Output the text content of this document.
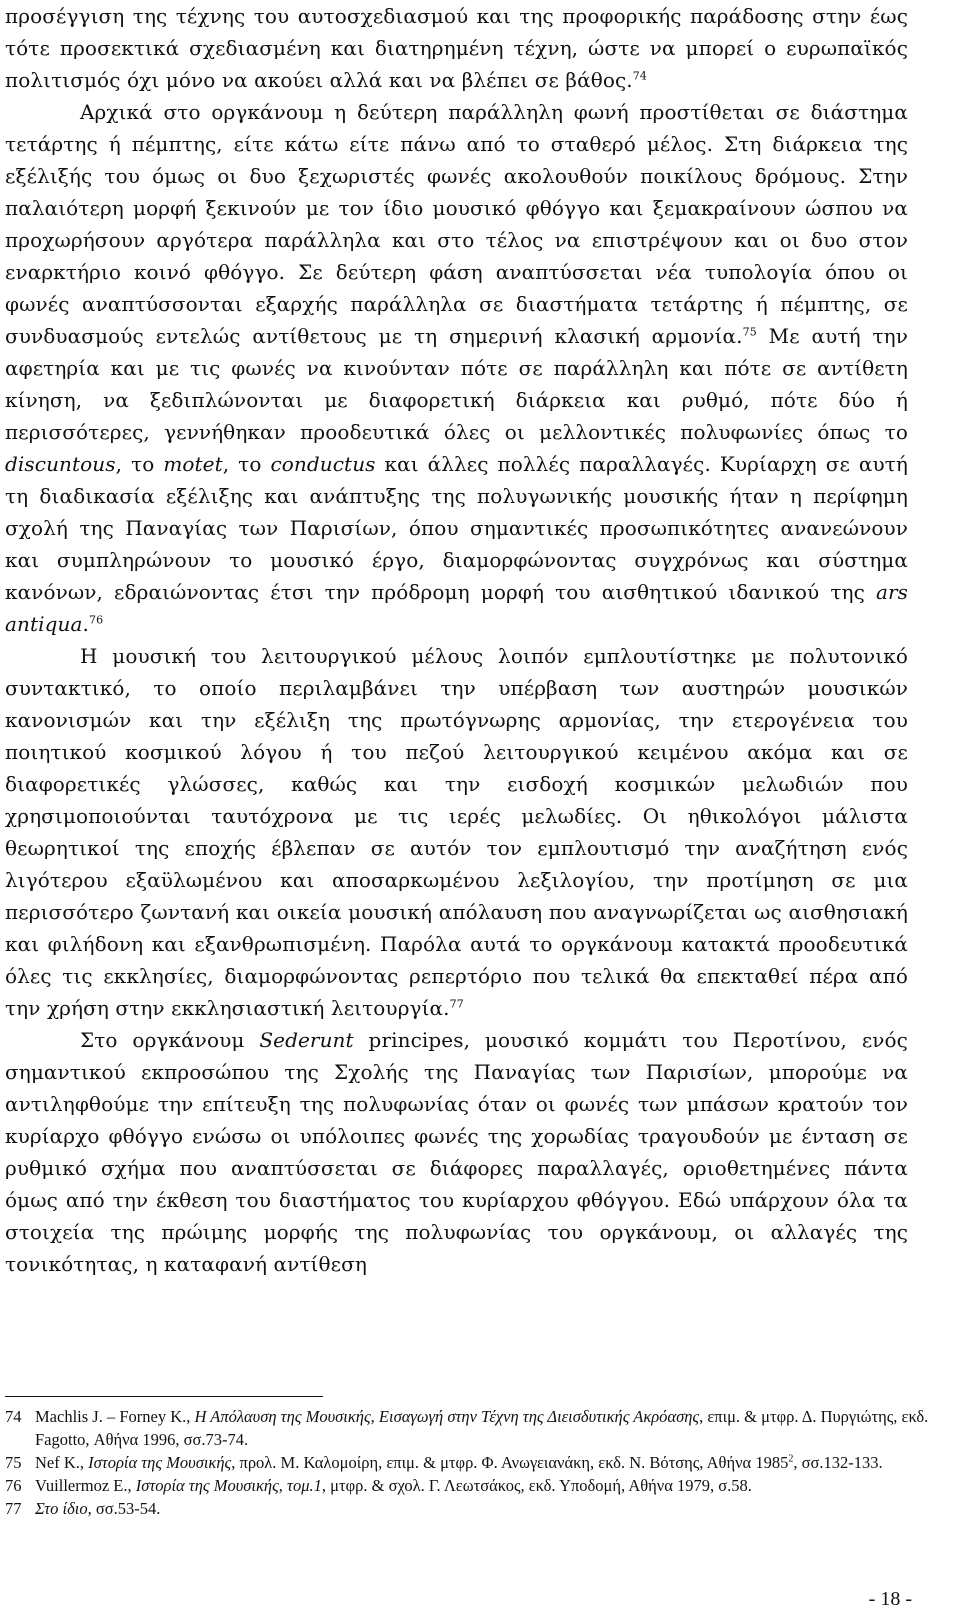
προσέγγιση της τέχνης του αυτοσχεδιασμού και της προφορικής παράδοσης στην έως τότε προσεκτικά σχεδιασμένη και διατηρημένη τέχνη, ώστε να μπορεί ο ευρωπαϊκός πολιτισμός όχι μόνο να ακούει αλλά και να βλέπει σε βάθος.$^{74}$

Αρχικά στο οργκάνουμ η δεύτερη παράλληλη φωνή προστίθεται σε διάστημα τετάρτης ή πέμπτης, είτε κάτω είτε πάνω από το σταθερό μέλος. Στη διάρκεια της εξέλιξής του όμως οι δυο ξεχωριστές φωνές ακολουθούν ποικίλους δρόμους. Στην παλαιότερη μορφή ξεκινούν με τον ίδιο μουσικό φθόγγο και ξεμακραίνουν ώσπου να προχωρήσουν αργότερα παράλληλα και στο τέλος να επιστρέψουν και οι δυο στον εναρκτήριο κοινό φθόγγο. Σε δεύτερη φάση αναπτύσσεται νέα τυπολογία όπου οι φωνές αναπτύσσονται εξαρχής παράλληλα σε διαστήματα τετάρτης ή πέμπτης, σε συνδυασμούς εντελώς αντίθετους με τη σημερινή κλασική αρμονία.$^{75}$ Με αυτή την αφετηρία και με τις φωνές να κινούνταν πότε σε παράλληλη και πότε σε αντίθετη κίνηση, να ξεδιπλώνονται με διαφορετική διάρκεια και ρυθμό, πότε δύο ή περισσότερες, γεννήθηκαν προοδευτικά όλες οι μελλοντικές πολυφωνίες όπως το discuntous, το motet, το conductus και άλλες πολλές παραλλαγές. Κυρίαρχη σε αυτή τη διαδικασία εξέλιξης και ανάπτυξης της πολυγωνικής μουσικής ήταν η περίφημη σχολή της Παναγίας των Παρισίων, όπου σημαντικές προσωπικότητες ανανεώνουν και συμπληρώνουν το μουσικό έργο, διαμορφώνοντας συγχρόνως και σύστημα κανόνων, εδραιώνοντας έτσι την πρόδρομη μορφή του αισθητικού ιδανικού της ars antiqua.$^{76}$

Η μουσική του λειτουργικού μέλους λοιπόν εμπλουτίστηκε με πολυτονικό συντακτικό, το οποίο περιλαμβάνει την υπέρβαση των αυστηρών μουσικών κανονισμών και την εξέλιξη της πρωτόγνωρης αρμονίας, την ετερογένεια του ποιητικού κοσμικού λόγου ή του πεζού λειτουργικού κειμένου ακόμα και σε διαφορετικές γλώσσες, καθώς και την εισδοχή κοσμικών μελωδιών που χρησιμοποιούνται ταυτόχρονα με τις ιερές μελωδίες. Οι ηθικολόγοι μάλιστα θεωρητικοί της εποχής έβλεπαν σε αυτόν τον εμπλουτισμό την αναζήτηση ενός λιγότερου εξαϋλωμένου και αποσαρκωμένου λεξιλογίου, την προτίμηση σε μια περισσότερο ζωντανή και οικεία μουσική απόλαυση που αναγνωρίζεται ως αισθησιακή και φιλήδονη και εξανθρωπισμένη. Παρόλα αυτά το οργκάνουμ κατακτά προοδευτικά όλες τις εκκλησίες, διαμορφώνοντας ρεπερτόριο που τελικά θα επεκταθεί πέρα από την χρήση στην εκκλησιαστική λειτουργία.$^{77}$

Στο οργκάνουμ Sederunt principes, μουσικό κομμάτι του Περοτίνου, ενός σημαντικού εκπροσώπου της Σχολής της Παναγίας των Παρισίων, μπορούμε να αντιληφθούμε την επίτευξη της πολυφωνίας όταν οι φωνές των μπάσων κρατούν τον κυρίαρχο φθόγγο ενώσω οι υπόλοιπες φωνές της χορωδίας τραγουδούν με ένταση σε ρυθμικό σχήμα που αναπτύσσεται σε διάφορες παραλλαγές, οριοθετημένες πάντα όμως από την έκθεση του διαστήματος του κυρίαρχου φθόγγου. Εδώ υπάρχουν όλα τα στοιχεία της πρώιμης μορφής της πολυφωνίας του οργκάνουμ, οι αλλαγές της τονικότητας, η καταφανή αντίθεση

74 Machlis J. – Forney K., Η Απόλαυση της Μουσικής, Εισαγωγή στην Τέχνη της Διεισδυτικής Ακρόασης, επιμ. & μτφρ. Δ. Πυργιώτης, εκδ. Fagotto, Αθήνα 1996, σσ.73-74.
75 Nef K., Ιστορία της Μουσικής, προλ. Μ. Καλομοίρη, επιμ. & μτφρ. Φ. Ανωγειανάκη, εκδ. Ν. Βότσης, Αθήνα 1985$^2$, σσ.132-133.
76 Vuillermoz E., Ιστορία της Μουσικής, τομ.1, μτφρ. & σχολ. Γ. Λεωτσάκος, εκδ. Υποδομή, Αθήνα 1979, σ.58.
77 Στο ίδιο, σσ.53-54.
- 18 -
